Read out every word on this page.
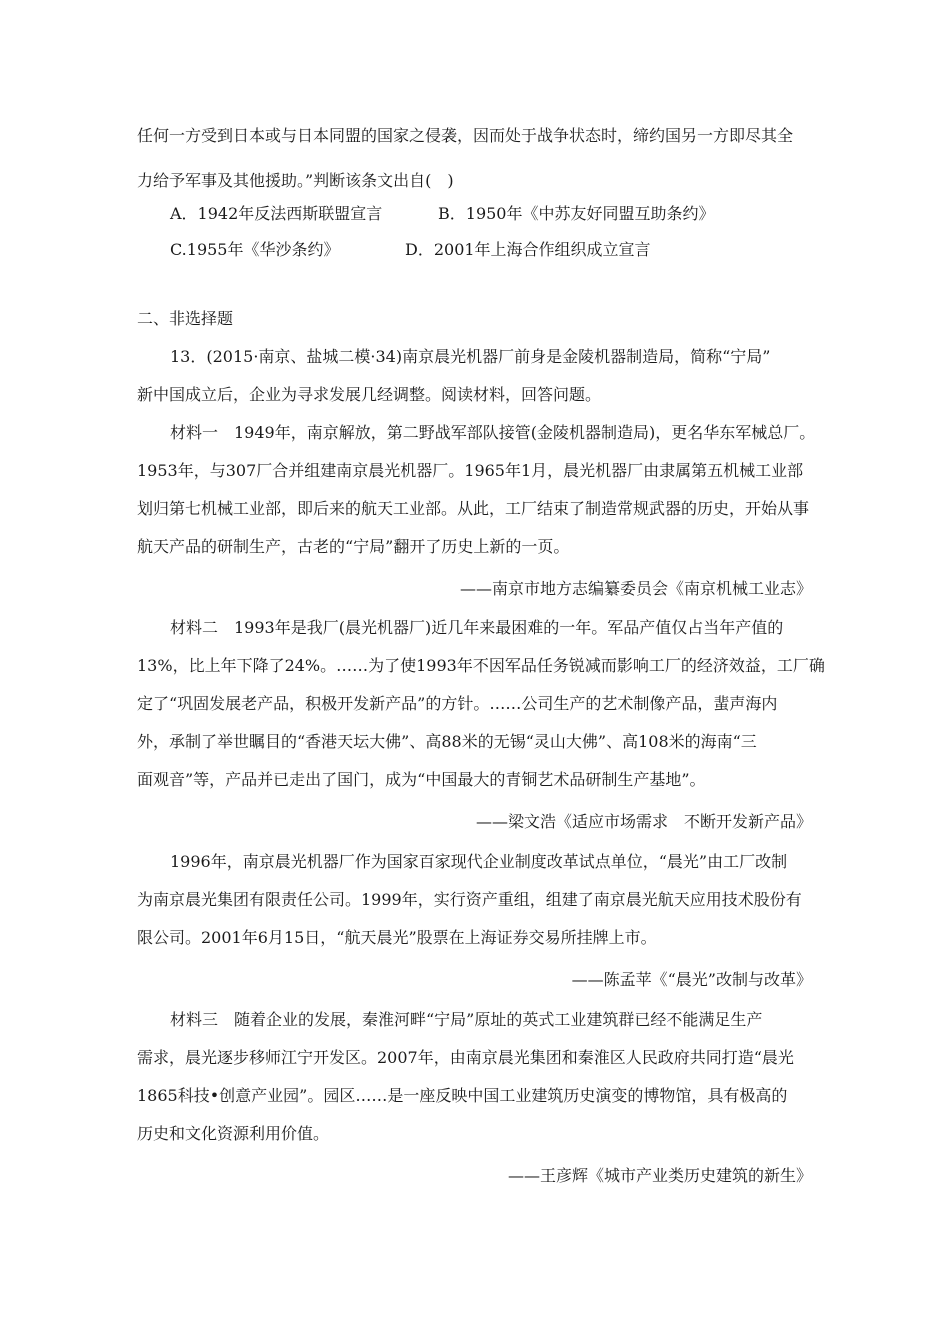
任何一方受到日本或与日本同盟的国家之侵袭，因而处于战争状态时，缔约国另一方即尽其全
力给予军事及其他援助。”判断该条文出自(　)
A．1942年反法西斯联盟宣言	B．1950年《中苏友好同盟互助条约》
C.1955年《华沙条约》	D．2001年上海合作组织成立宣言
二、非选择题
13．(2015·南京、盐城二模·34)南京晨光机器厂前身是金陵机器制造局，简称“宁局”
新中国成立后，企业为寻求发展几经调整。阅读材料，回答问题。
材料一　1949年，南京解放，第二野战军部队接管(金陵机器制造局)，更名华东军械总厂。
1953年，与307厂合并组建南京晨光机器厂。1965年1月，晨光机器厂由隶属第五机械工业部
划归第七机械工业部，即后来的航天工业部。从此，工厂结束了制造常规武器的历史，开始从事
航天产品的研制生产，古老的“宁局”翻开了历史上新的一页。
——南京市地方志编纂委员会《南京机械工业志》
材料二　1993年是我厂(晨光机器厂)近几年来最困难的一年。军品产值仅占当年产值的
13%，比上年下降了24%。……为了使1993年不因军品任务锐减而影响工厂的经济效益，工厂确
定了“巩固发展老产品，积极开发新产品”的方针。……公司生产的艺术制像产品，蜚声海内
外，承制了举世瞩目的“香港天坛大佛”、高88米的无锡“灵山大佛”、高108米的海南“三
面观音”等，产品并已走出了国门，成为“中国最大的青铜艺术品研制生产基地”。
——梁文浩《适应市场需求　不断开发新产品》
1996年，南京晨光机器厂作为国家百家现代企业制度改革试点单位，“晨光”由工厂改制
为南京晨光集团有限责任公司。1999年，实行资产重组，组建了南京晨光航天应用技术股份有
限公司。2001年6月15日，“航天晨光”股票在上海证券交易所挂牌上市。
——陈孟苹《“晨光”改制与改革》
材料三　随着企业的发展，秦淮河畔“宁局”原址的英式工业建筑群已经不能满足生产
需求，晨光逐步移师江宁开发区。2007年，由南京晨光集团和秦淮区人民政府共同打造“晨光
1865科技•创意产业园”。园区……是一座反映中国工业建筑历史演变的博物馆，具有极高的
历史和文化资源利用价值。
——王彦辉《城市产业类历史建筑的新生》
